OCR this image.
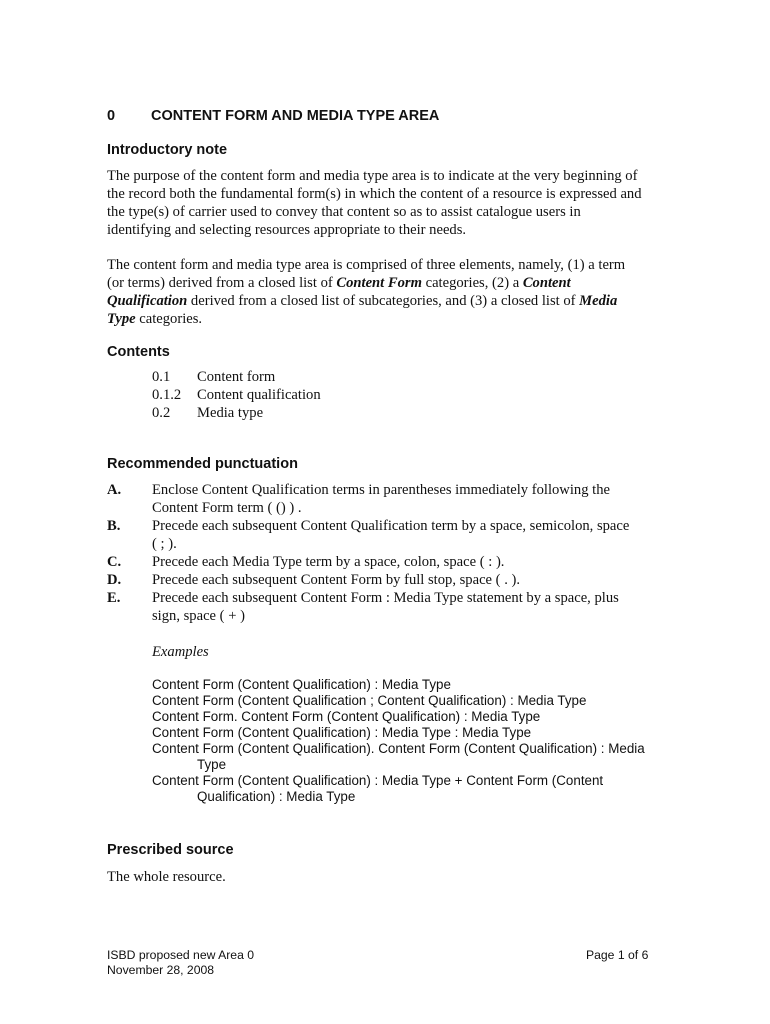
0 CONTENT FORM AND MEDIA TYPE AREA
Introductory note
The purpose of the content form and media type area is to indicate at the very beginning of
the record both the fundamental form(s) in which the content of a resource is expressed and
the type(s) of carrier used to convey that content so as to assist catalogue users in
identifying and selecting resources appropriate to their needs.
The content form and media type area is comprised of three elements, namely, (1) a term
(or terms) derived from a closed list of Content Form categories, (2) a Content
Qualification derived from a closed list of subcategories, and (3) a closed list of Media
Type categories.
Contents
0.1 Content form
0.1.2 Content qualification
0.2 Media type
Recommended punctuation
A. Enclose Content Qualification terms in parentheses immediately following the
Content Form term ( () ) .
B. Precede each subsequent Content Qualification term by a space, semicolon, space
( ; ).
C. Precede each Media Type term by a space, colon, space ( : ).
D. Precede each subsequent Content Form by full stop, space ( . ).
E. Precede each subsequent Content Form : Media Type statement by a space, plus
sign, space ( + )
Examples
Content Form (Content Qualification) : Media Type
Content Form (Content Qualification ; Content Qualification) : Media Type
Content Form. Content Form (Content Qualification) : Media Type
Content Form (Content Qualification) : Media Type : Media Type
Content Form (Content Qualification). Content Form (Content Qualification) : Media
Type
Content Form (Content Qualification) : Media Type + Content Form (Content
Qualification) : Media Type
Prescribed source
The whole resource.
ISBD proposed new Area 0
November 28, 2008
Page 1 of 6
